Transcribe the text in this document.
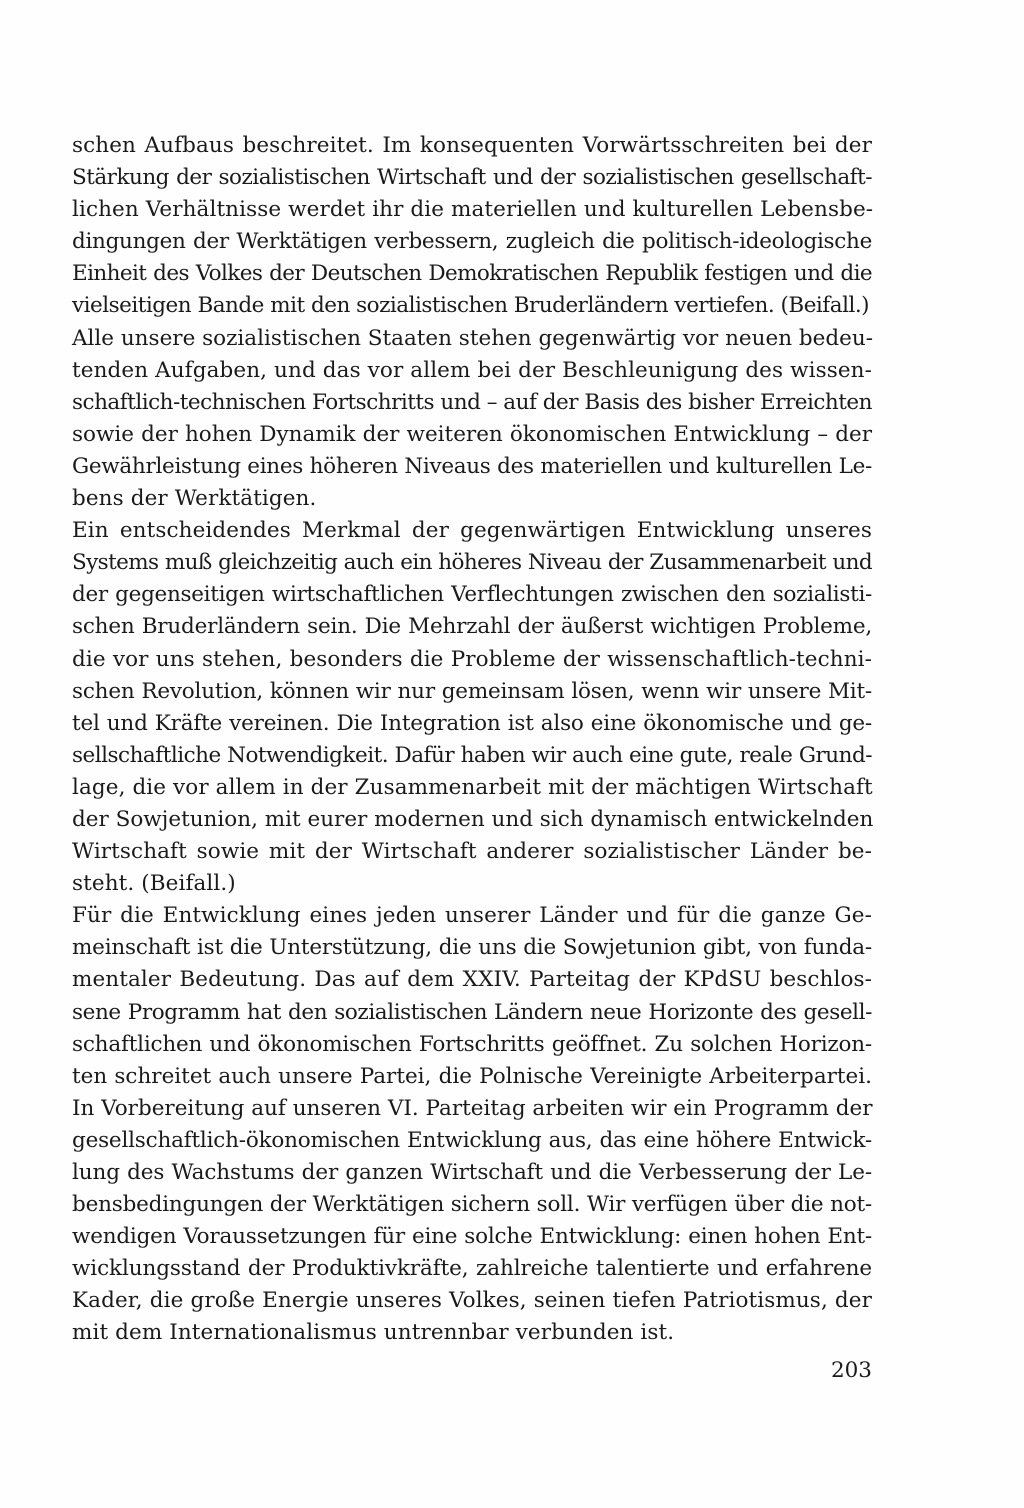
schen Aufbaus beschreitet. Im konsequenten Vorwärtsschreiten bei der
Stärkung der sozialistischen Wirtschaft und der sozialistischen gesellschaft-
lichen Verhältnisse werdet ihr die materiellen und kulturellen Lebensbe-
dingungen der Werktätigen verbessern, zugleich die politisch-ideologische
Einheit des Volkes der Deutschen Demokratischen Republik festigen und die
vielseitigen Bande mit den sozialistischen Bruderländern vertiefen. (Beifall.)
Alle unsere sozialistischen Staaten stehen gegenwärtig vor neuen bedeu-
tenden Aufgaben, und das vor allem bei der Beschleunigung des wissen-
schaftlich-technischen Fortschritts und – auf der Basis des bisher Erreichten
sowie der hohen Dynamik der weiteren ökonomischen Entwicklung – der
Gewährleistung eines höheren Niveaus des materiellen und kulturellen Le-
bens der Werktätigen.
Ein entscheidendes Merkmal der gegenwärtigen Entwicklung unseres
Systems muß gleichzeitig auch ein höheres Niveau der Zusammenarbeit und
der gegenseitigen wirtschaftlichen Verflechtungen zwischen den sozialisti-
schen Bruderländern sein. Die Mehrzahl der äußerst wichtigen Probleme,
die vor uns stehen, besonders die Probleme der wissenschaftlich-techni-
schen Revolution, können wir nur gemeinsam lösen, wenn wir unsere Mit-
tel und Kräfte vereinen. Die Integration ist also eine ökonomische und ge-
sellschaftliche Notwendigkeit. Dafür haben wir auch eine gute, reale Grund-
lage, die vor allem in der Zusammenarbeit mit der mächtigen Wirtschaft
der Sowjetunion, mit eurer modernen und sich dynamisch entwickelnden
Wirtschaft sowie mit der Wirtschaft anderer sozialistischer Länder be-
steht. (Beifall.)
Für die Entwicklung eines jeden unserer Länder und für die ganze Ge-
meinschaft ist die Unterstützung, die uns die Sowjetunion gibt, von funda-
mentaler Bedeutung. Das auf dem XXIV. Parteitag der KPdSU beschlos-
sene Programm hat den sozialistischen Ländern neue Horizonte des gesell-
schaftlichen und ökonomischen Fortschritts geöffnet. Zu solchen Horizon-
ten schreitet auch unsere Partei, die Polnische Vereinigte Arbeiterpartei.
In Vorbereitung auf unseren VI. Parteitag arbeiten wir ein Programm der
gesellschaftlich-ökonomischen Entwicklung aus, das eine höhere Entwick-
lung des Wachstums der ganzen Wirtschaft und die Verbesserung der Le-
bensbedingungen der Werktätigen sichern soll. Wir verfügen über die not-
wendigen Voraussetzungen für eine solche Entwicklung: einen hohen Ent-
wicklungsstand der Produktivkräfte, zahlreiche talentierte und erfahrene
Kader, die große Energie unseres Volkes, seinen tiefen Patriotismus, der
mit dem Internationalismus untrennbar verbunden ist.
203
